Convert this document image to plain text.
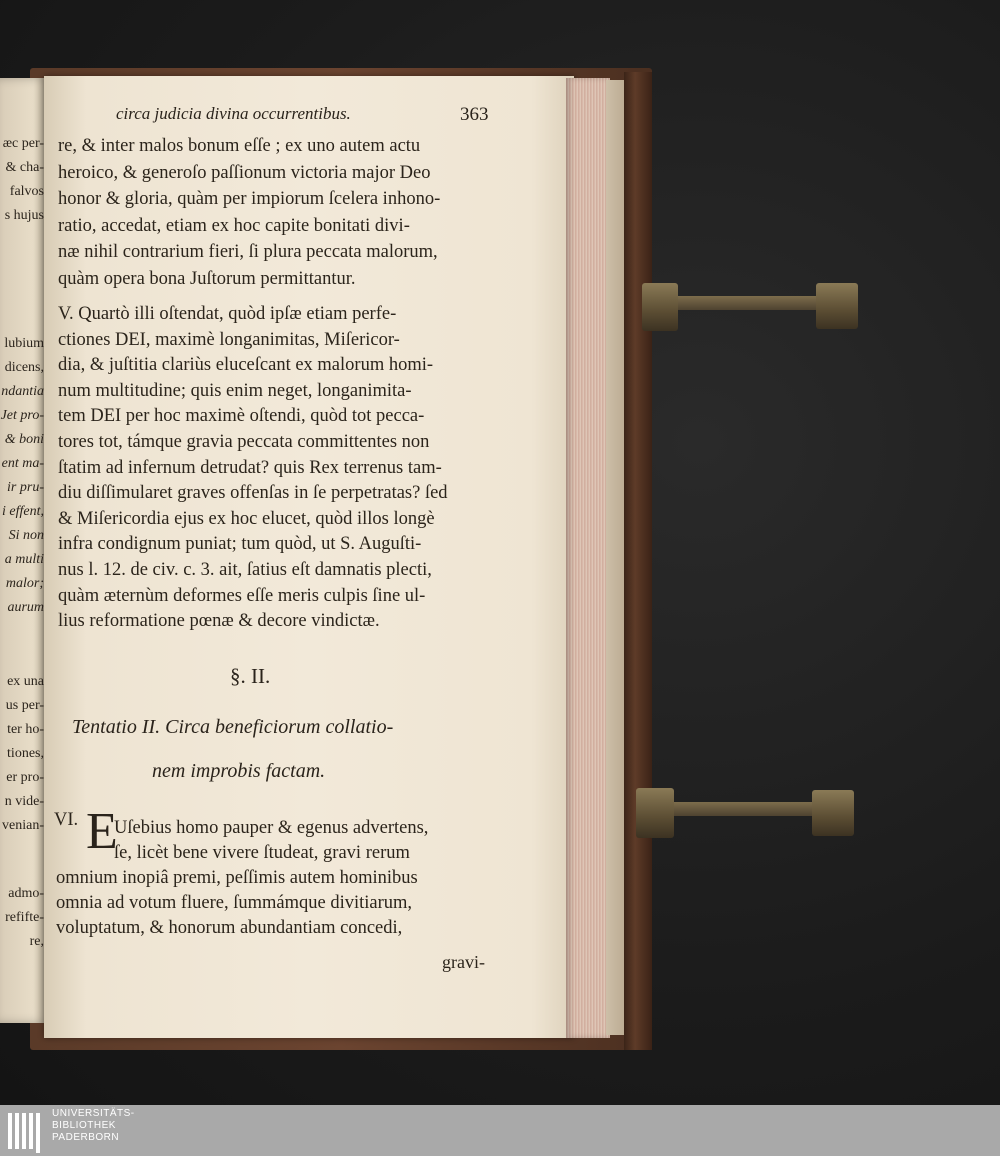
æc per-
& cha-
falvos
s hujus
lubium
dicens,
ndantia
Jet pro-
& boni
ent ma-
ir pru-
i effent,
Si non
a multi
malor;
aurum
ex una
us per-
ter ho-
tiones,
er pro-
n vide-
venian-
admo-
refifte-
re,
circa judicia divina occurrentibus.	363
re, & inter malos bonum eſſe ; ex uno autem actu
heroico, & generoſo paſſionum victoria major Deo
honor & gloria, quàm per impiorum ſcelera inhono-
ratio, accedat, etiam ex hoc capite bonitati divi-
næ nihil contrarium fieri, ſi plura peccata malorum,
quàm opera bona Juſtorum permittantur.
V. Quartò illi oſtendat, quòd ipſæ etiam perfe-
ctiones DEI, maximè longanimitas, Miſericor-
dia, & juſtitia clariùs eluceſcant ex malorum homi-
num multitudine; quis enim neget, longanimita-
tem DEI per hoc maximè oſtendi, quòd tot pecca-
tores tot, támque gravia peccata committentes non
ſtatim ad infernum detrudat? quis Rex terrenus tam-
diu diſſimularet graves offenſas in ſe perpetratas? ſed
& Miſericordia ejus ex hoc elucet, quòd illos longè
infra condignum puniat; tum quòd, ut S. Auguſti-
nus l. 12. de civ. c. 3. ait, ſatius eſt damnatis plecti,
quàm æternùm deformes eſſe meris culpis ſine ul-
lius reformatione pœnæ & decore vindictæ.
§. II.
Tentatio II. Circa beneficiorum collatio-
nem improbis factam.
VI. E
Uſebius homo pauper & egenus advertens,
ſe, licèt bene vivere ſtudeat, gravi rerum
omnium inopiâ premi, peſſimis autem hominibus
omnia ad votum fluere, ſummámque divitiarum,
voluptatum, & honorum abundantiam concedi,
gravi-
UNIVERSITÄTS-
BIBLIOTHEK
PADERBORN
